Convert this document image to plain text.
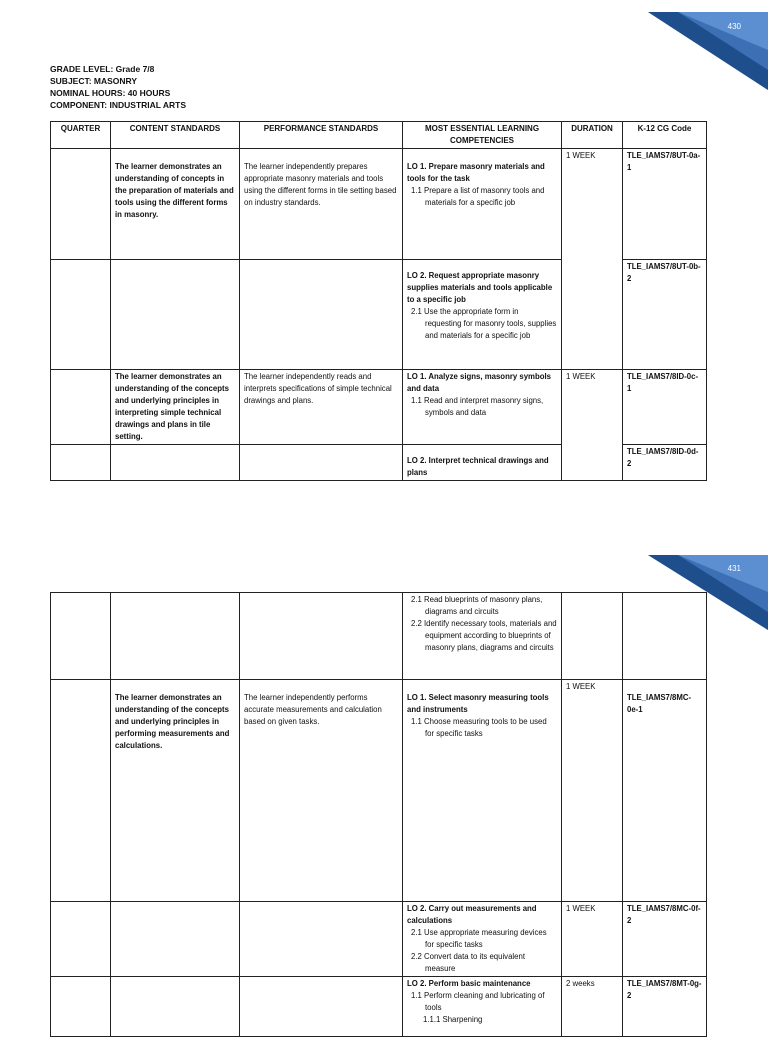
430
GRADE LEVEL: Grade 7/8
SUBJECT: MASONRY
NOMINAL HOURS: 40 HOURS
COMPONENT: INDUSTRIAL ARTS
QUARTER	CONTENT STANDARDS	PERFORMANCE STANDARDS	MOST ESSENTIAL LEARNING COMPETENCIES	DURATION	K-12 CG Code

	The learner demonstrates an understanding of concepts in the preparation of materials and tools using the different forms in masonry.	The learner independently prepares appropriate masonry materials and tools using the different forms in tile setting based on industry standards.	LO 1. Prepare masonry materials and tools for the task

1.1 Prepare a list of masonry tools and materials for a specific job	1 WEEK	TLE_IAMS7/8UT-0a-1

			LO 2. Request appropriate masonry supplies materials and tools applicable to a specific job

2.1 Use the appropriate form in requesting for masonry tools, supplies and materials for a specific job		TLE_IAMS7/8UT-0b-2

	The learner demonstrates an understanding of the concepts and underlying principles in interpreting simple technical drawings and plans in tile setting.	The learner independently reads and interprets specifications of simple technical drawings and plans.	LO 1. Analyze signs, masonry symbols and data

1.1 Read and interpret masonry signs, symbols and data	1 WEEK	TLE_IAMS7/8ID-0c-1

			LO 2. Interpret technical drawings and plans		TLE_IAMS7/8ID-0d-2
431

			2.1 Read blueprints of masonry plans, diagrams and circuits

2.2 Identify necessary tools, materials and equipment according to blueprints of masonry plans, diagrams and circuits		

	The learner demonstrates an understanding of the concepts and underlying principles in performing measurements and calculations.	The learner independently performs accurate measurements and calculation based on given tasks.	LO 1. Select masonry measuring tools and instruments

1.1 Choose measuring tools to be used for specific tasks	1 WEEK	TLE_IAMS7/8MC-0e-1

			LO 2. Carry out measurements and calculations

2.1 Use appropriate measuring devices for specific tasks

2.2 Convert data to its equivalent measure	1 WEEK	TLE_IAMS7/8MC-0f-2

			LO 2. Perform basic maintenance

1.1 Perform cleaning and lubricating of tools

1.1.1 Sharpening	2 weeks	TLE_IAMS7/8MT-0g-2
